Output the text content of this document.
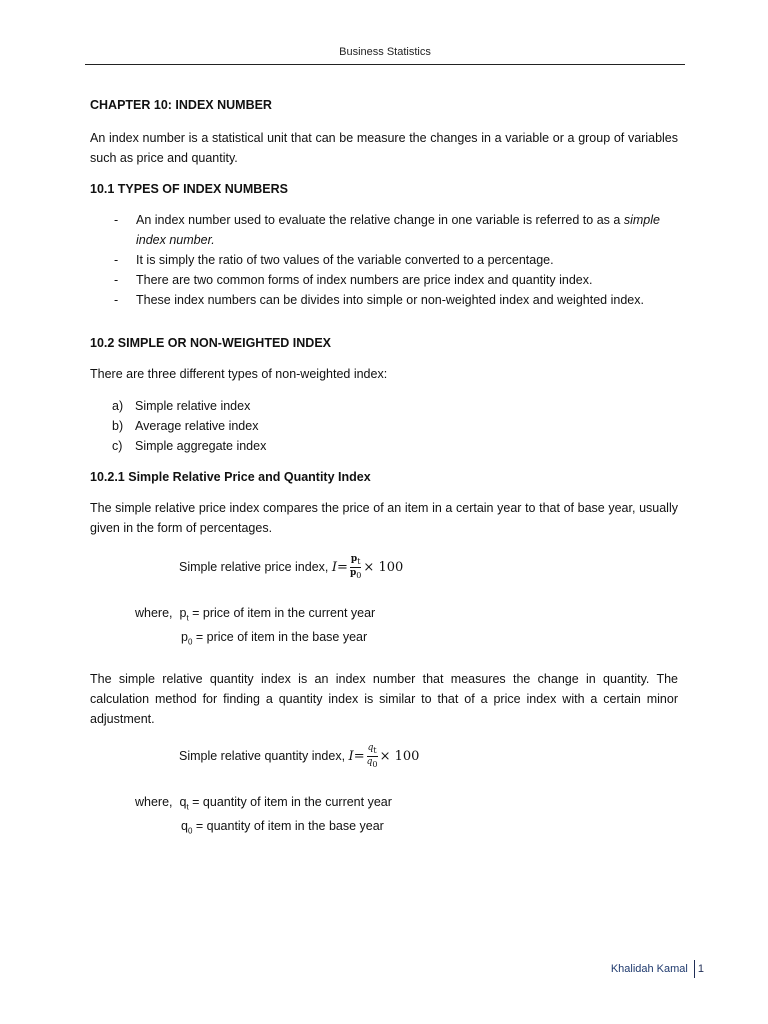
Business Statistics
CHAPTER 10: INDEX NUMBER

An index number is a statistical unit that can be measure the changes in a variable or a group of variables such as price and quantity.

10.1 TYPES OF INDEX NUMBERS
- An index number used to evaluate the relative change in one variable is referred to as a simple index number.
- It is simply the ratio of two values of the variable converted to a percentage.
- There are two common forms of index numbers are price index and quantity index.
- These index numbers can be divides into simple or non-weighted index and weighted index.
10.2 SIMPLE OR NON-WEIGHTED INDEX

There are three different types of non-weighted index:

a) Simple relative index
b) Average relative index
c) Simple aggregate index
10.2.1 Simple Relative Price and Quantity Index

The simple relative price index compares the price of an item in a certain year to that of base year, usually given in the form of percentages.

Simple relative price index,
$I = \frac{p_t}{p_0} \times 100$
where, $p_t$ = price of item in the current year
$p_0$ = price of item in the base year

The simple relative quantity index is an index number that measures the change in quantity. The calculation method for finding a quantity index is similar to that of a price index with a certain minor adjustment.

Simple relative quantity index,
$I = \frac{q_t}{q_0} \times 100$
where, $q_t$ = quantity of item in the current year
$q_0$ = quantity of item in the base year
Khalidah Kamal 1
